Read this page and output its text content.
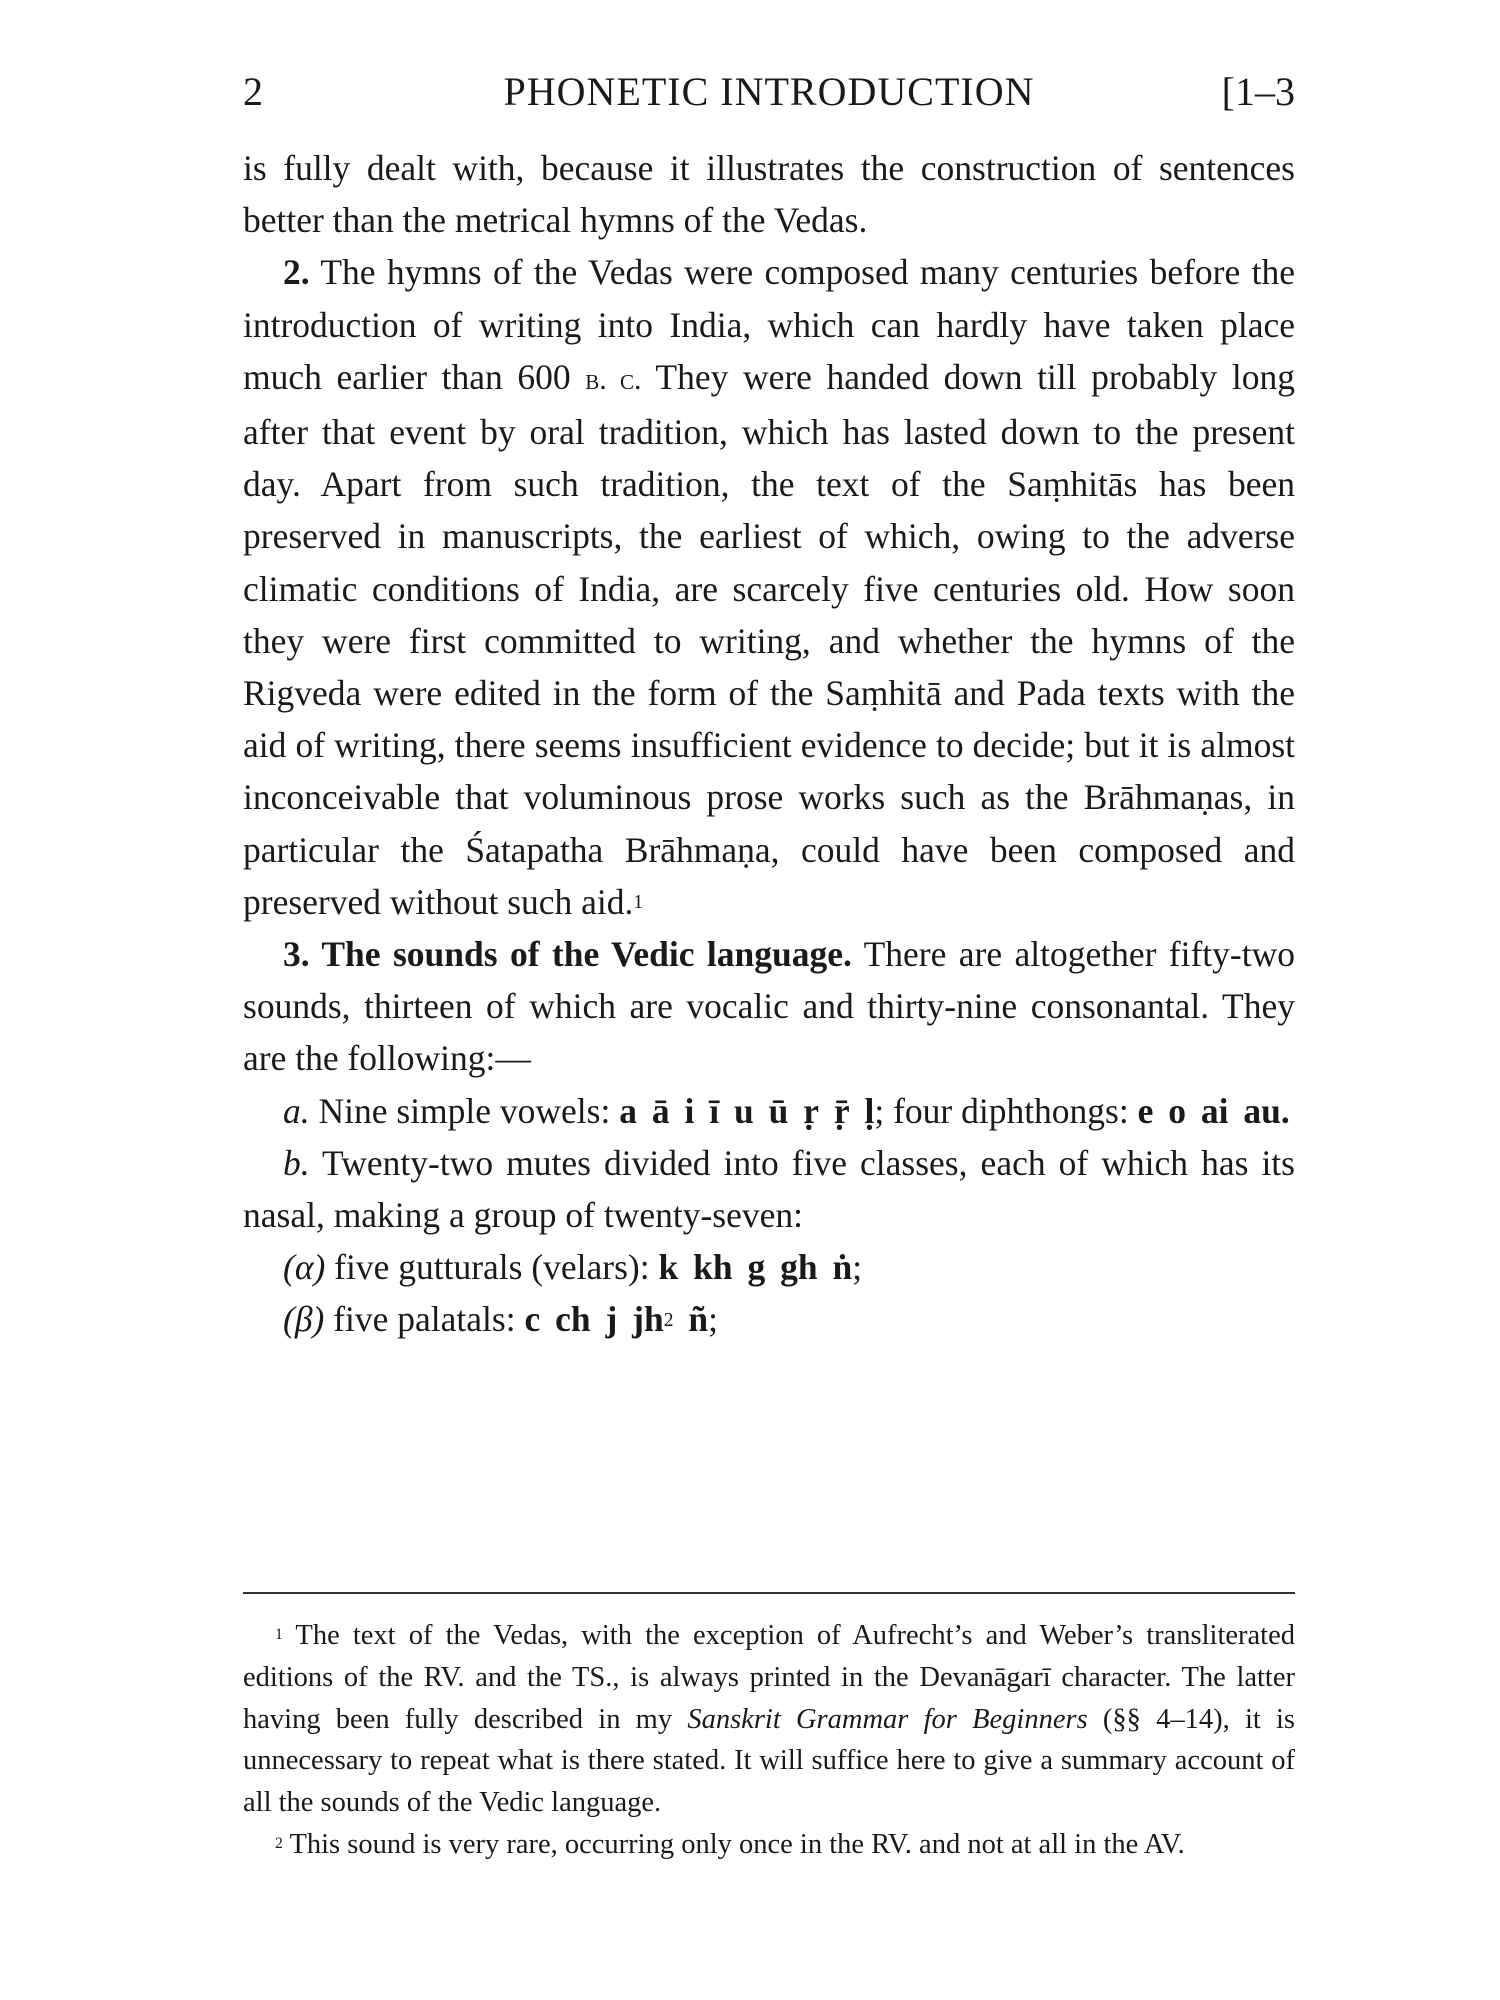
2	PHONETIC INTRODUCTION	[1–3

is fully dealt with, because it illustrates the construction of sentences better than the metrical hymns of the Vedas.

2. The hymns of the Vedas were composed many centuries before the introduction of writing into India, which can hardly have taken place much earlier than 600 b. c. They were handed down till probably long after that event by oral tradition, which has lasted down to the present day. Apart from such tradition, the text of the Saṃhitās has been preserved in manuscripts, the earliest of which, owing to the adverse climatic conditions of India, are scarcely five centuries old. How soon they were first committed to writing, and whether the hymns of the Rigveda were edited in the form of the Saṃhitā and Pada texts with the aid of writing, there seems insufficient evidence to decide; but it is almost inconceivable that voluminous prose works such as the Brāhmaṇas, in particular the Śatapatha Brāhmaṇa, could have been composed and preserved without such aid.$^1$

3. The sounds of the Vedic language. There are altogether fifty-two sounds, thirteen of which are vocalic and thirty-nine consonantal. They are the following:—

a. Nine simple vowels: a ā i ī u ū ṛ ṝ ḷ; four diphthongs: e o ai au.

b. Twenty-two mutes divided into five classes, each of which has its nasal, making a group of twenty-seven:

(α) five gutturals (velars): k kh g gh ṅ;

(β) five palatals: c ch j $jh^2$ ñ;

$^1$ The text of the Vedas, with the exception of Aufrecht’s and Weber’s transliterated editions of the RV. and the TS., is always printed in the Devanāgarī character. The latter having been fully described in my Sanskrit Grammar for Beginners (§§ 4–14), it is unnecessary to repeat what is there stated. It will suffice here to give a summary account of all the sounds of the Vedic language.

$^2$ This sound is very rare, occurring only once in the RV. and not at all in the AV.
